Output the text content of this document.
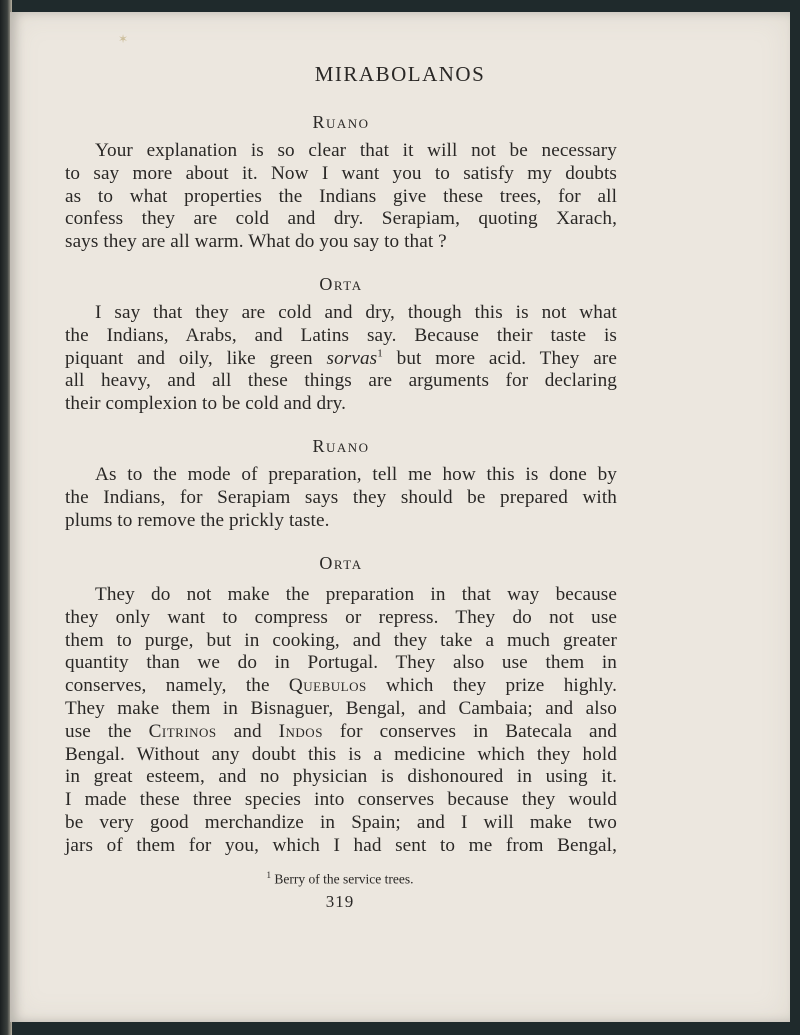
✶
MIRABOLANOS
Ruano
Your explanation is so clear that it will not be necessary
to say more about it. Now I want you to satisfy my doubts
as to what properties the Indians give these trees, for all
confess they are cold and dry. Serapiam, quoting Xarach,
says they are all warm. What do you say to that ?
Orta
I say that they are cold and dry, though this is not what
the Indians, Arabs, and Latins say. Because their taste is
piquant and oily, like green sorvas$^1$ but more acid. They are
all heavy, and all these things are arguments for declaring
their complexion to be cold and dry.
Ruano
As to the mode of preparation, tell me how this is done by
the Indians, for Serapiam says they should be prepared with
plums to remove the prickly taste.
Orta
They do not make the preparation in that way because
they only want to compress or repress. They do not use
them to purge, but in cooking, and they take a much greater
quantity than we do in Portugal. They also use them in
conserves, namely, the Quebulos which they prize highly.
They make them in Bisnaguer, Bengal, and Cambaia; and also
use the Citrinos and Indos for conserves in Batecala and
Bengal. Without any doubt this is a medicine which they hold
in great esteem, and no physician is dishonoured in using it.
I made these three species into conserves because they would
be very good merchandize in Spain; and I will make two
jars of them for you, which I had sent to me from Bengal,
$^1$ Berry of the service trees.
319
